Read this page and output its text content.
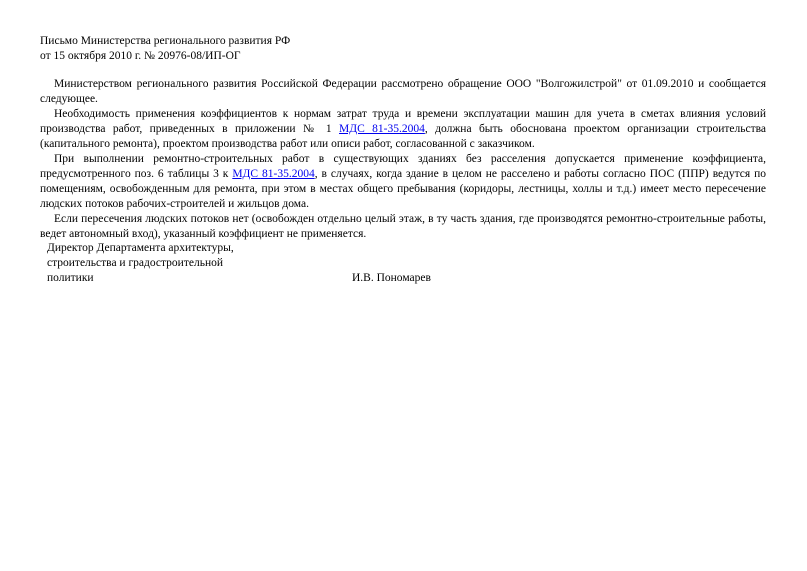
Письмо Министерства регионального развития РФ

от 15 октября 2010 г. № 20976-08/ИП-ОГ

Министерством регионального развития Российской Федерации рассмотрено обращение ООО "Волгожилстрой" от 01.09.2010 и сообщается следующее.

Необходимость применения коэффициентов к нормам затрат труда и времени эксплуатации машин для учета в сметах влияния условий производства работ, приведенных в приложении № 1 МДС 81-35.2004, должна быть обоснована проектом организации строительства (капитального ремонта), проектом производства работ или описи работ, согласованной с заказчиком.

При выполнении ремонтно-строительных работ в существующих зданиях без расселения допускается применение коэффициента, предусмотренного поз. 6 таблицы 3 к МДС 81-35.2004, в случаях, когда здание в целом не расселено и работы согласно ПОС (ППР) ведутся по помещениям, освобожденным для ремонта, при этом в местах общего пребывания (коридоры, лестницы, холлы и т.д.) имеет место пересечение людских потоков рабочих-строителей и жильцов дома.

Если пересечения людских потоков нет (освобожден отдельно целый этаж, в ту часть здания, где производятся ремонтно-строительные работы, ведет автономный вход), указанный коэффициент не применяется.

Директор Департамента архитектуры,

строительства и градостроительной

политики	И.В. Пономарев
